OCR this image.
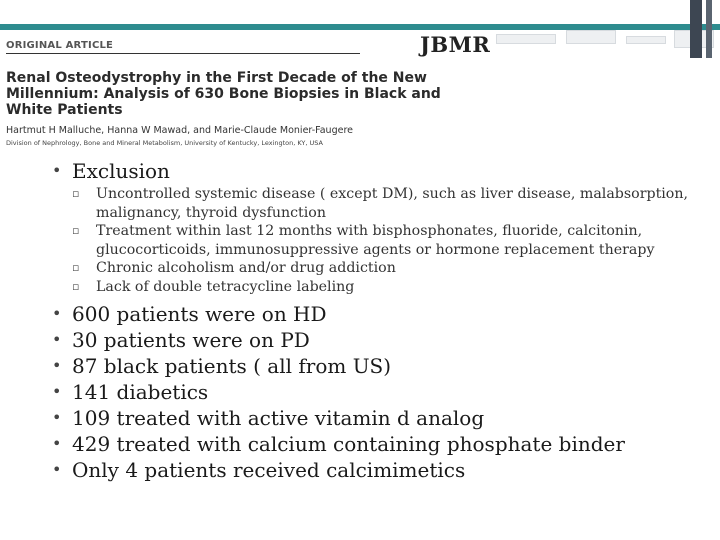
ORIGINAL ARTICLE	JBMR
Renal Osteodystrophy in the First Decade of the New Millennium: Analysis of 630 Bone Biopsies in Black and White Patients
Hartmut H Malluche, Hanna W Mawad, and Marie-Claude Monier-Faugere
Division of Nephrology, Bone and Mineral Metabolism, University of Kentucky, Lexington, KY, USA
• Exclusion
▫ Uncontrolled systemic disease ( except DM), such as liver disease, malabsorption, malignancy, thyroid dysfunction
▫ Treatment within last 12 months with bisphosphonates, fluoride, calcitonin, glucocorticoids, immunosuppressive agents or hormone replacement therapy
▫ Chronic alcoholism and/or drug addiction
▫ Lack of double tetracycline labeling
• 600 patients were on HD
• 30 patients were on PD
• 87 black patients ( all from US)
• 141 diabetics
• 109 treated with active vitamin d analog
• 429 treated with calcium containing phosphate binder
• Only 4 patients received calcimimetics
